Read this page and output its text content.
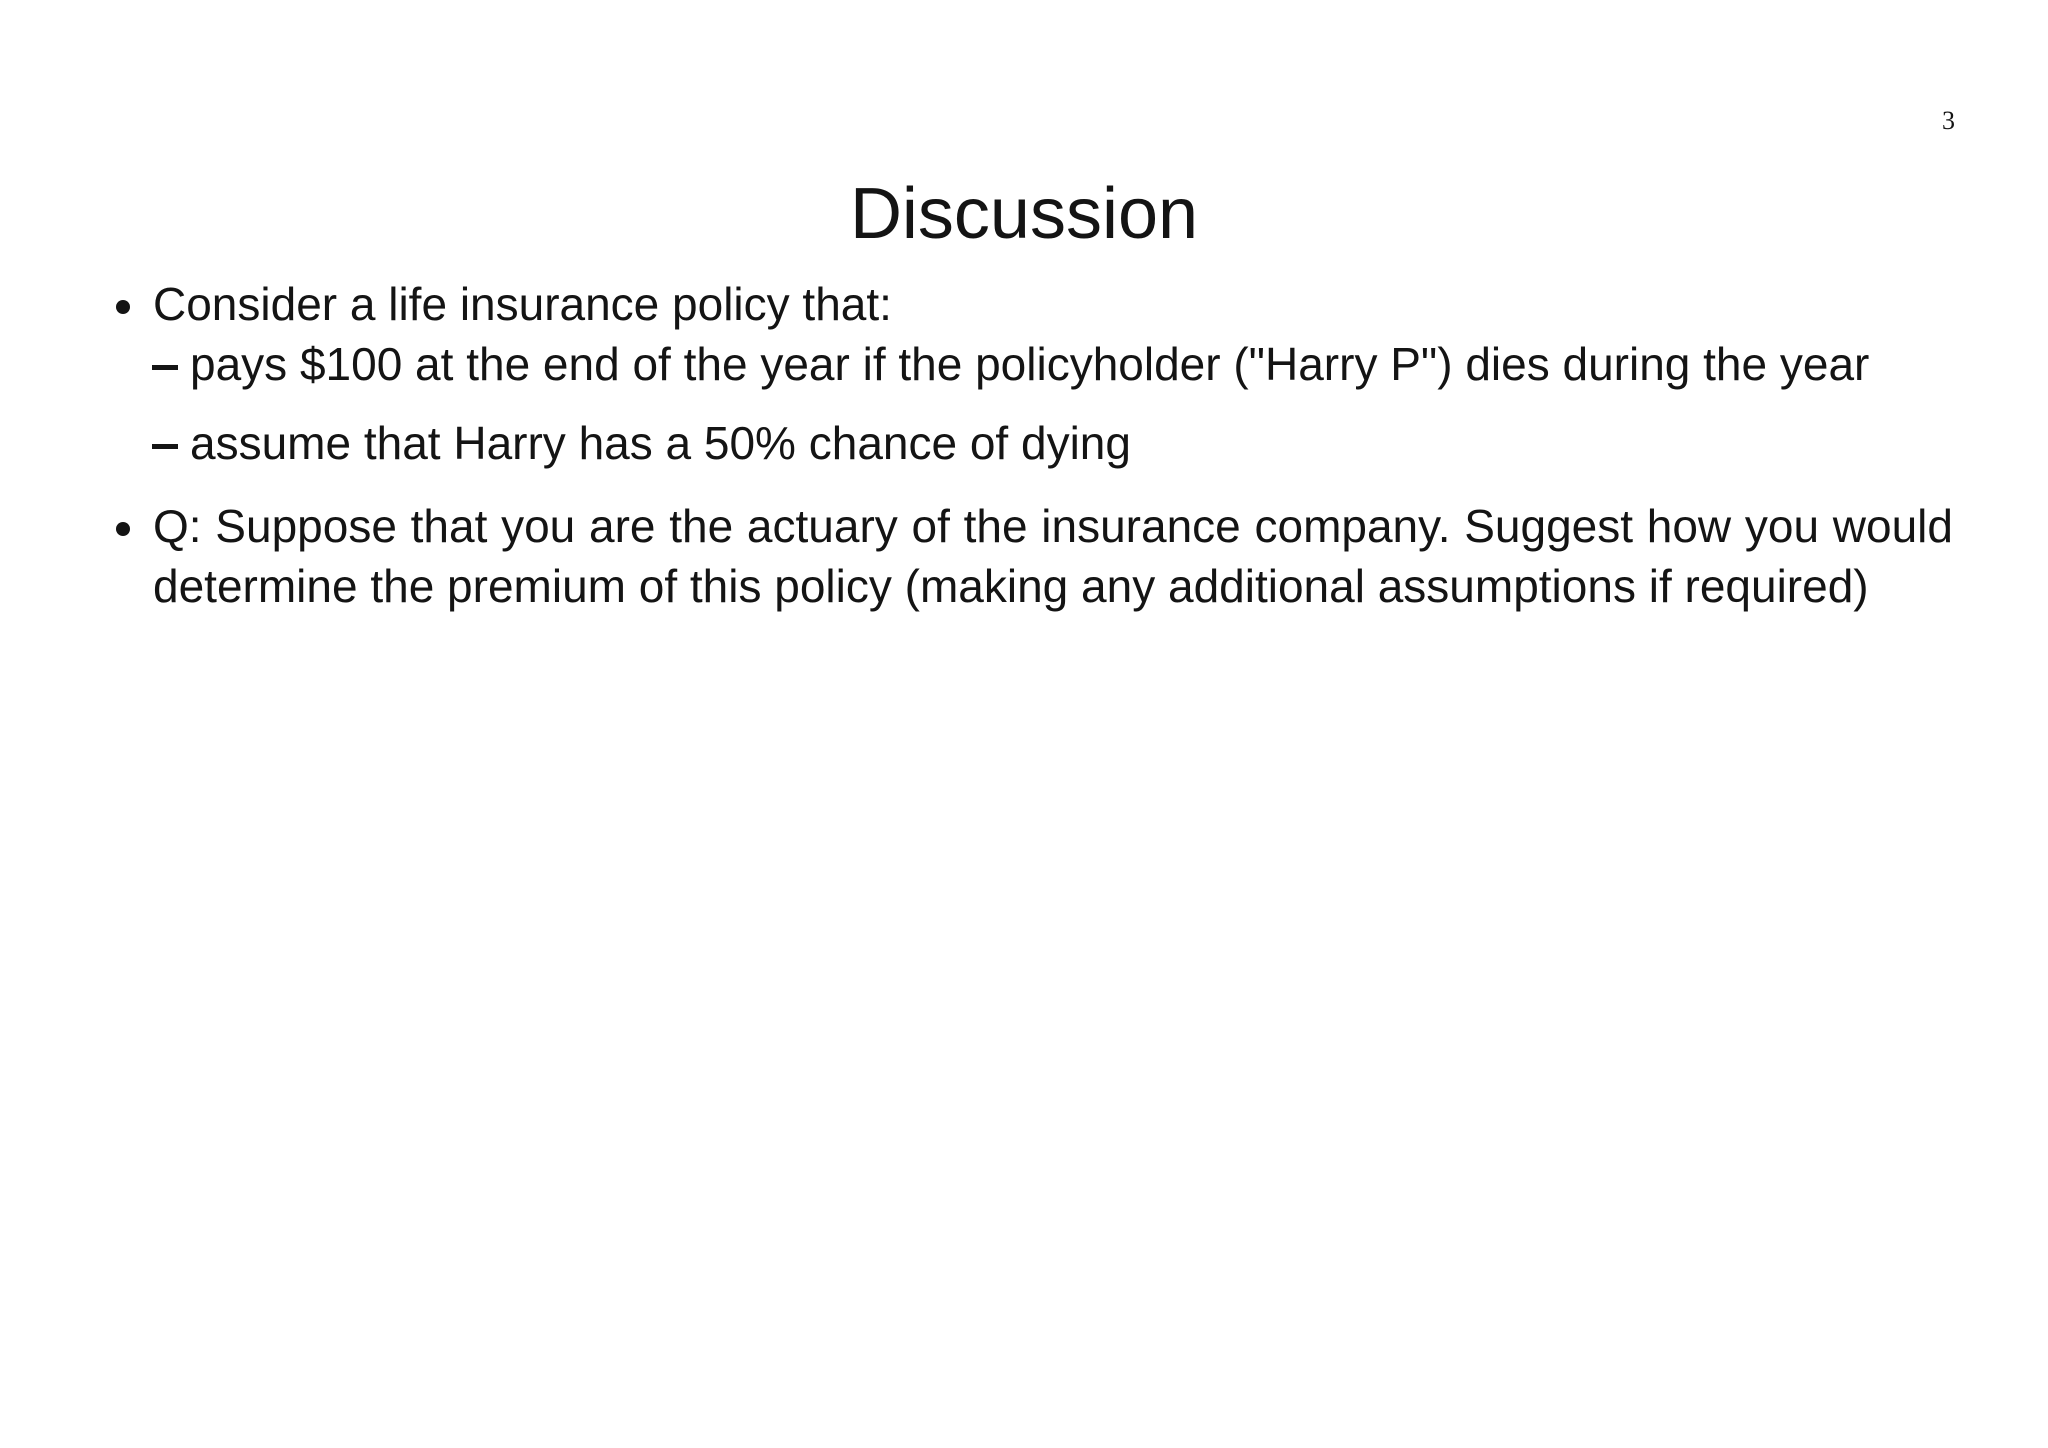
3
Discussion
Consider a life insurance policy that:
pays $100 at the end of the year if the policyholder ("Harry P") dies during the year
assume that Harry has a 50% chance of dying
Q: Suppose that you are the actuary of the insurance company. Suggest how you would determine the premium of this policy (making any additional assumptions if required)
